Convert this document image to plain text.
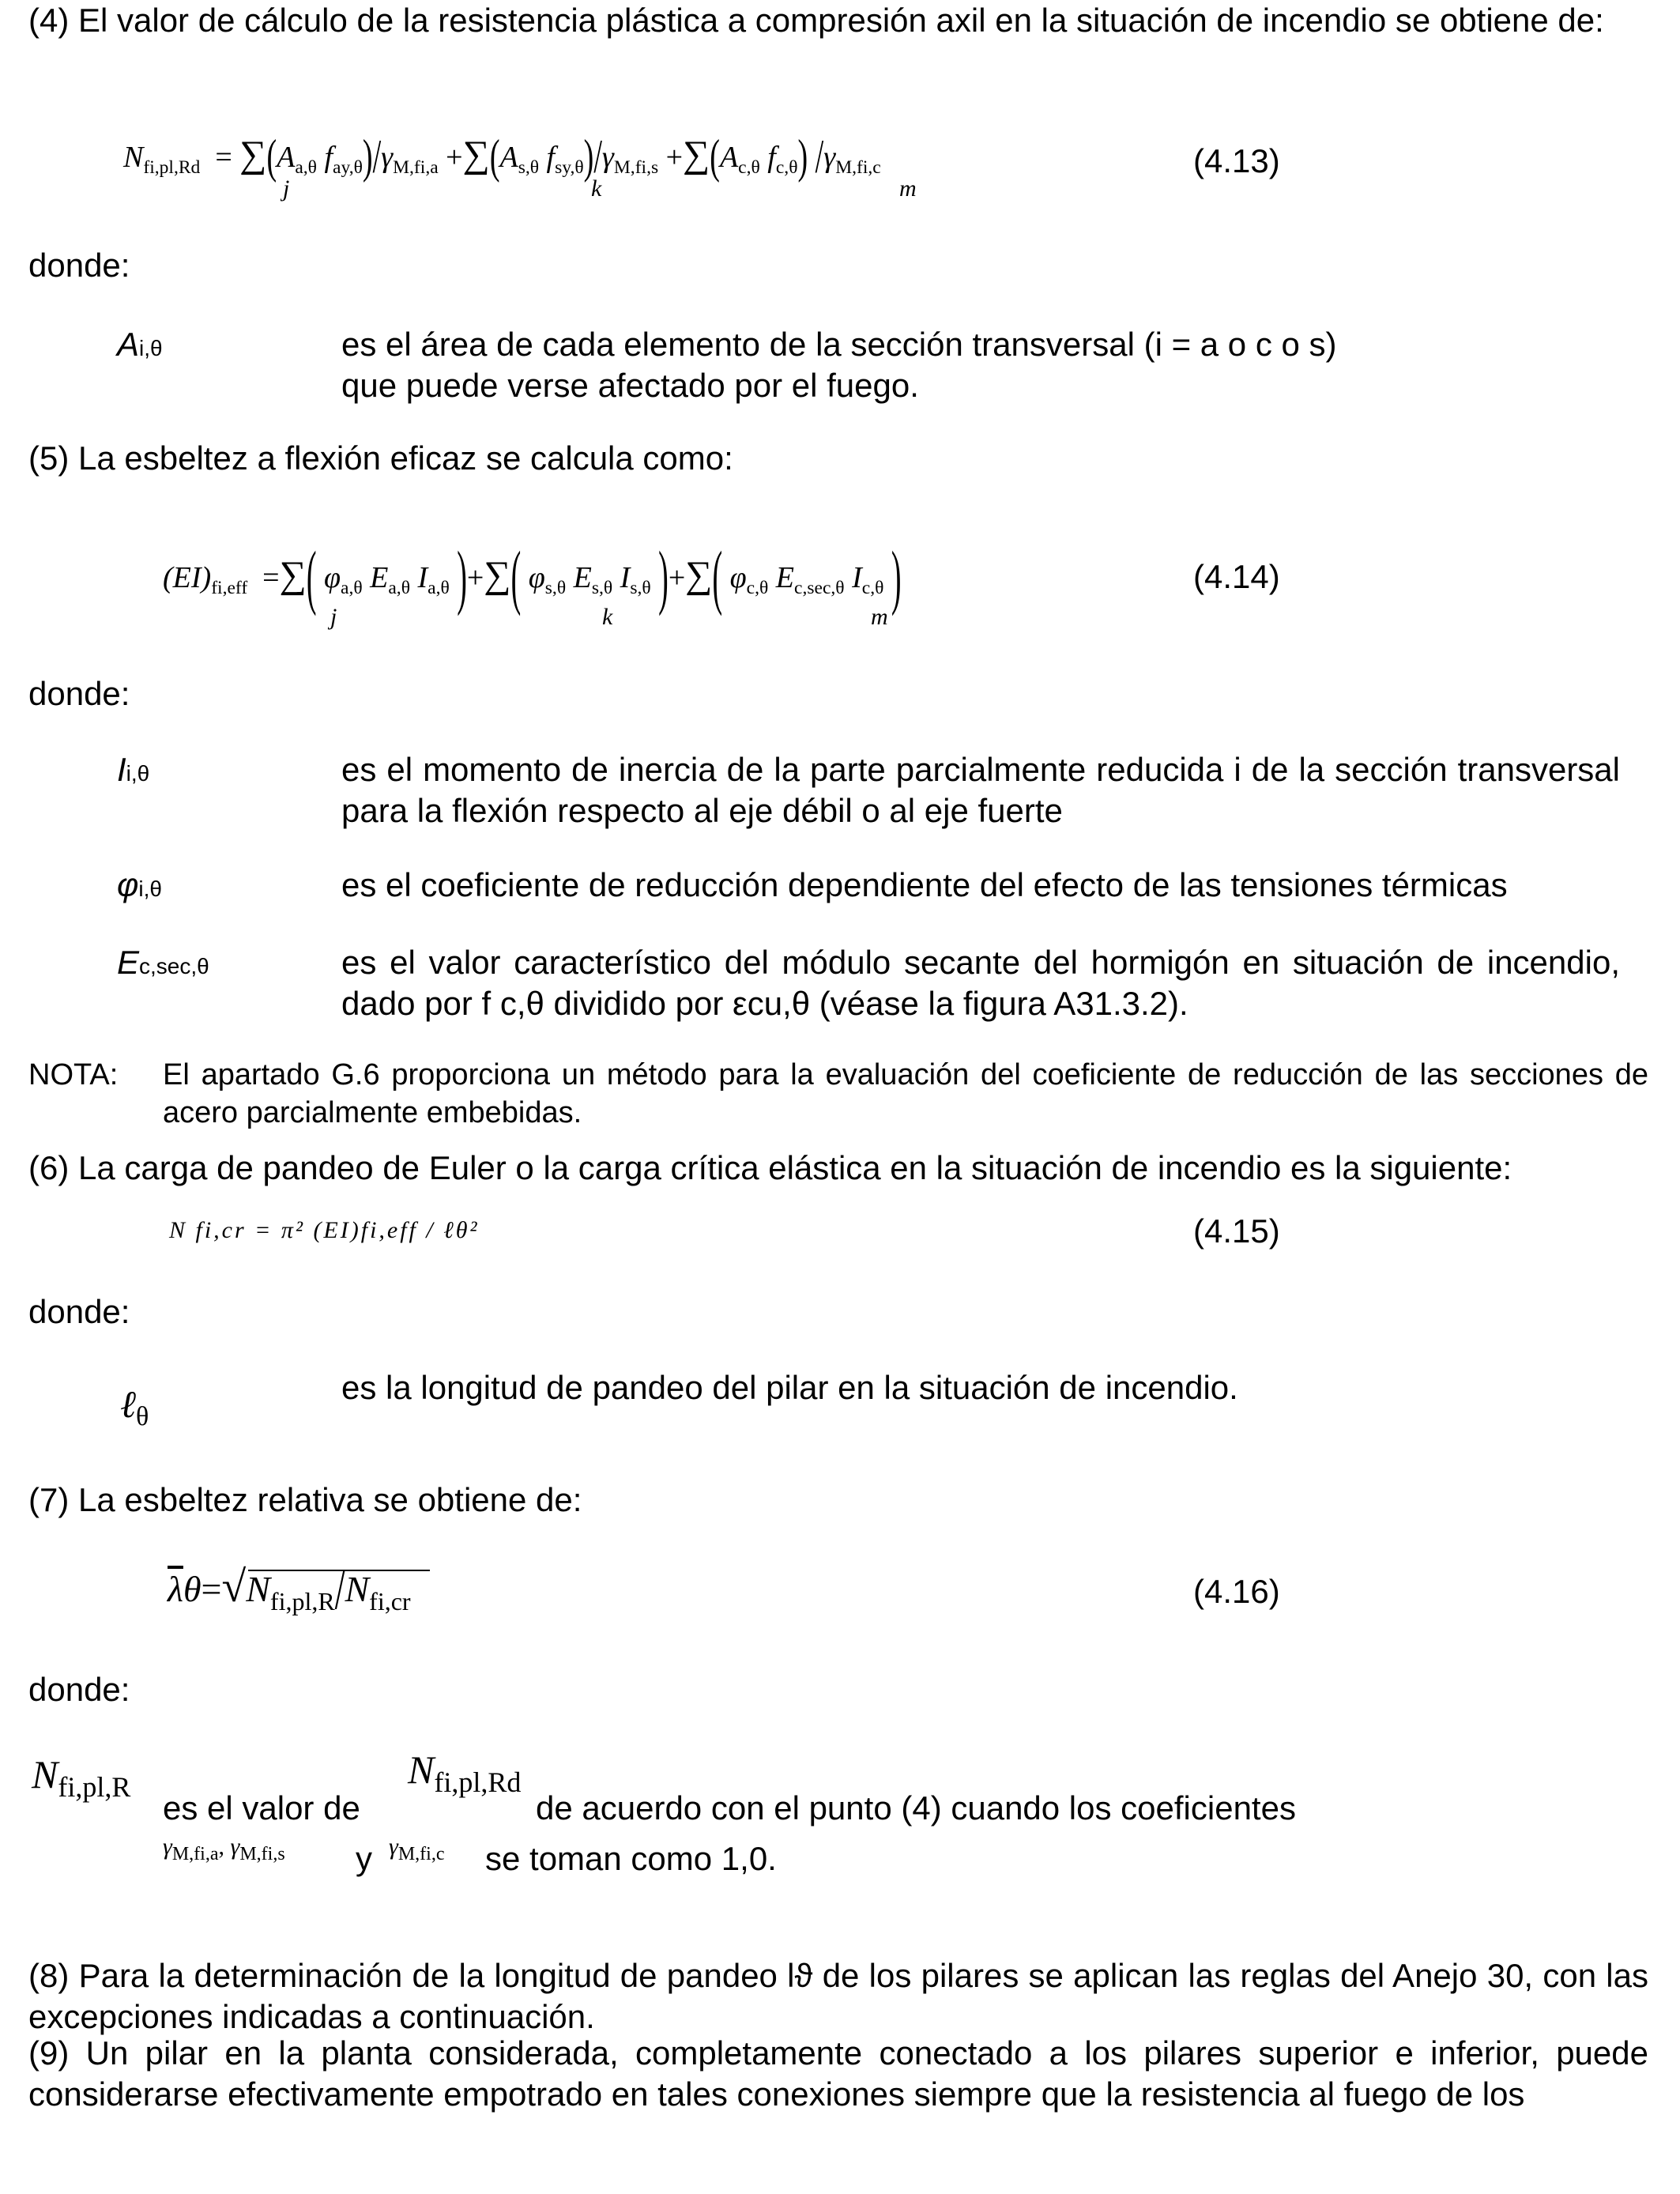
(4) El valor de cálculo de la resistencia plástica a compresión axil en la situación de incendio se obtiene de:
$N_{fi,pl,Rd} = \sum(A_{a,\theta}$ $f_{ay,\theta})/\gamma_{M,fi,a} +\sum(A_{s,\theta}$ $f_{sy,\theta})/\gamma_{M,fi,s} +\sum(A_{c,\theta}$ $f_{c,\theta}$) $/\gamma_{M,fi,c}$
j	k	m
(4.13)
donde:
Ai,θ	es el área de cada elemento de la sección transversal (i = a o c o s) que puede verse afectado por el fuego.
(5) La esbeltez a flexión eficaz se calcula como:
$(EI)_{fi,eff}$ =∑( $\varphi_{a,\theta}$ $E_{a,\theta}$ $I_{a,\theta}$ )+∑( $\varphi_{s,\theta}$ $E_{s,\theta}$ $I_{s,\theta}$ )+∑( $\varphi_{c,\theta}$ $E_{c,sec,\theta}$ $I_{c,\theta}$ )
j	k	m
(4.14)
donde:
Ii,θ	es el momento de inercia de la parte parcialmente reducida i de la sección transversal para la flexión respecto al eje débil o al eje fuerte
φi,θ	es el coeficiente de reducción dependiente del efecto de las tensiones térmicas
Ec,sec,θ	es el valor característico del módulo secante del hormigón en situación de incendio, dado por f c,θ dividido por εcu,θ (véase la figura A31.3.2).
NOTA: El apartado G.6 proporciona un método para la evaluación del coeficiente de reducción de las secciones de acero parcialmente embebidas.
(6) La carga de pandeo de Euler o la carga crítica elástica en la situación de incendio es la siguiente:
N fi,cr = π² (EI)fi,eff / ℓθ²	(4.15)
donde:
ℓ$_\theta$
es la longitud de pandeo del pilar en la situación de incendio.
(7) La esbeltez relativa se obtiene de:
$\overline{\lambda}\theta=√N_{fi,pl,R}/N_{fi,cr}$	(4.16)
donde:
$N_{fi,pl,R}$
es el valor de
$N_{fi,pl,Rd}$
de acuerdo con el punto (4) cuando los coeficientes
$\gamma_{M,fi,a}$, $\gamma_{M,fi,s}$ y $\gamma_{M,fi,c}$ se toman como 1,0.
(8) Para la determinación de la longitud de pandeo lϑ de los pilares se aplican las reglas del Anejo 30, con las excepciones indicadas a continuación.
(9) Un pilar en la planta considerada, completamente conectado a los pilares superior e inferior, puede considerarse efectivamente empotrado en tales conexiones siempre que la resistencia al fuego de los
